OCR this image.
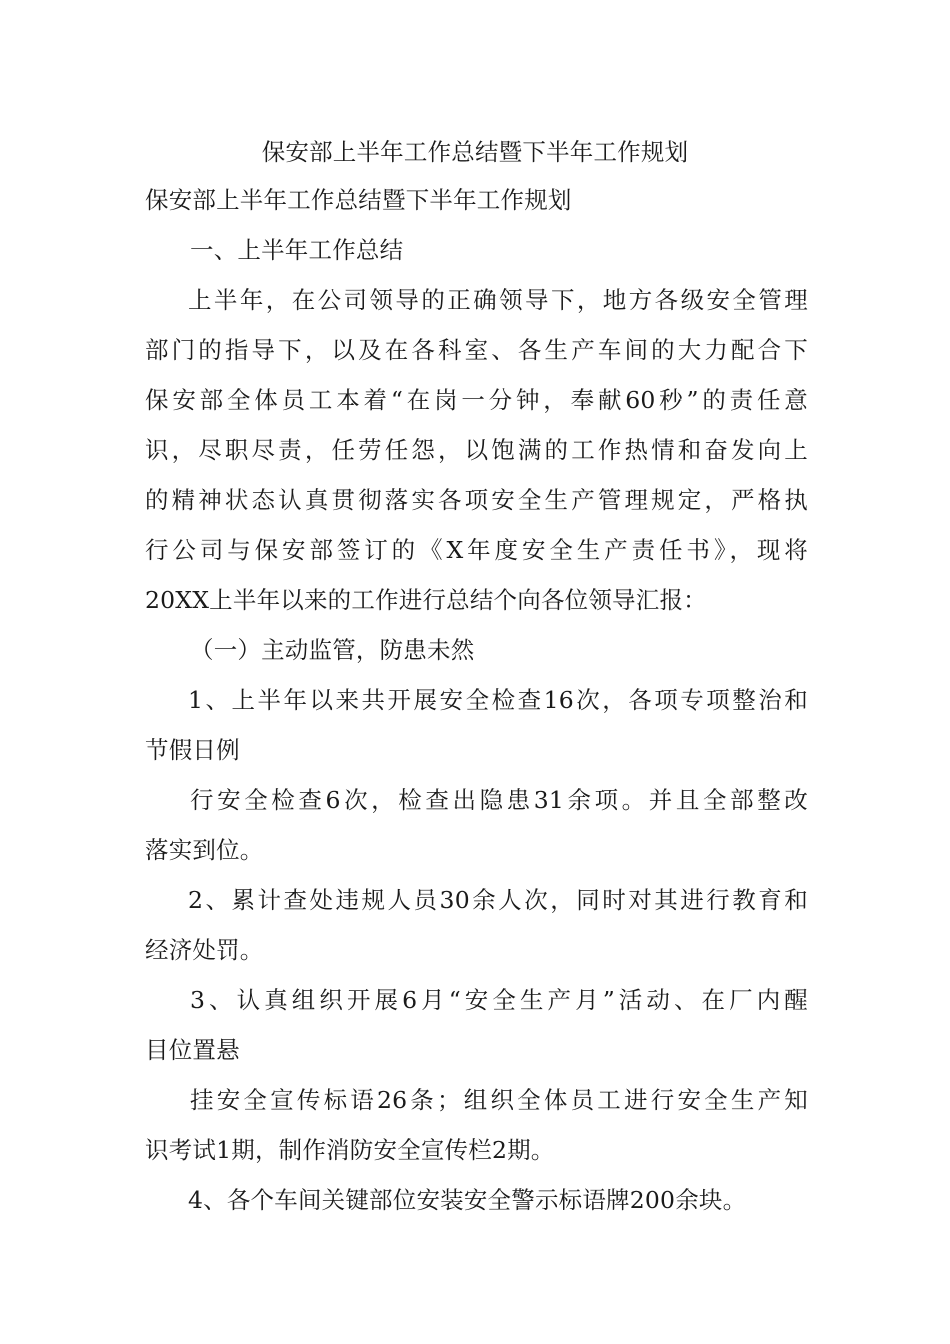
保安部上半年工作总结暨下半年工作规划
保安部上半年工作总结暨下半年工作规划
一、上半年工作总结
上半年，在公司领导的正确领导下，地方各级安全管理
部门的指导下，以及在各科室、各生产车间的大力配合下
保安部全体员工本着“在岗一分钟，奉献60秒”的责任意
识，尽职尽责，任劳任怨，以饱满的工作热情和奋发向上
的精神状态认真贯彻落实各项安全生产管理规定，严格执
行公司与保安部签订的《X年度安全生产责任书》，现将
20XX上半年以来的工作进行总结个向各位领导汇报：
（一）主动监管，防患未然
1、上半年以来共开展安全检查16次，各项专项整治和
节假日例
行安全检查6次，检查出隐患31余项。并且全部整改
落实到位。
2、累计查处违规人员30余人次，同时对其进行教育和
经济处罚。
3、认真组织开展6月“安全生产月”活动、在厂内醒
目位置悬
挂安全宣传标语26条；组织全体员工进行安全生产知
识考试1期，制作消防安全宣传栏2期。
4、各个车间关键部位安装安全警示标语牌200余块。
